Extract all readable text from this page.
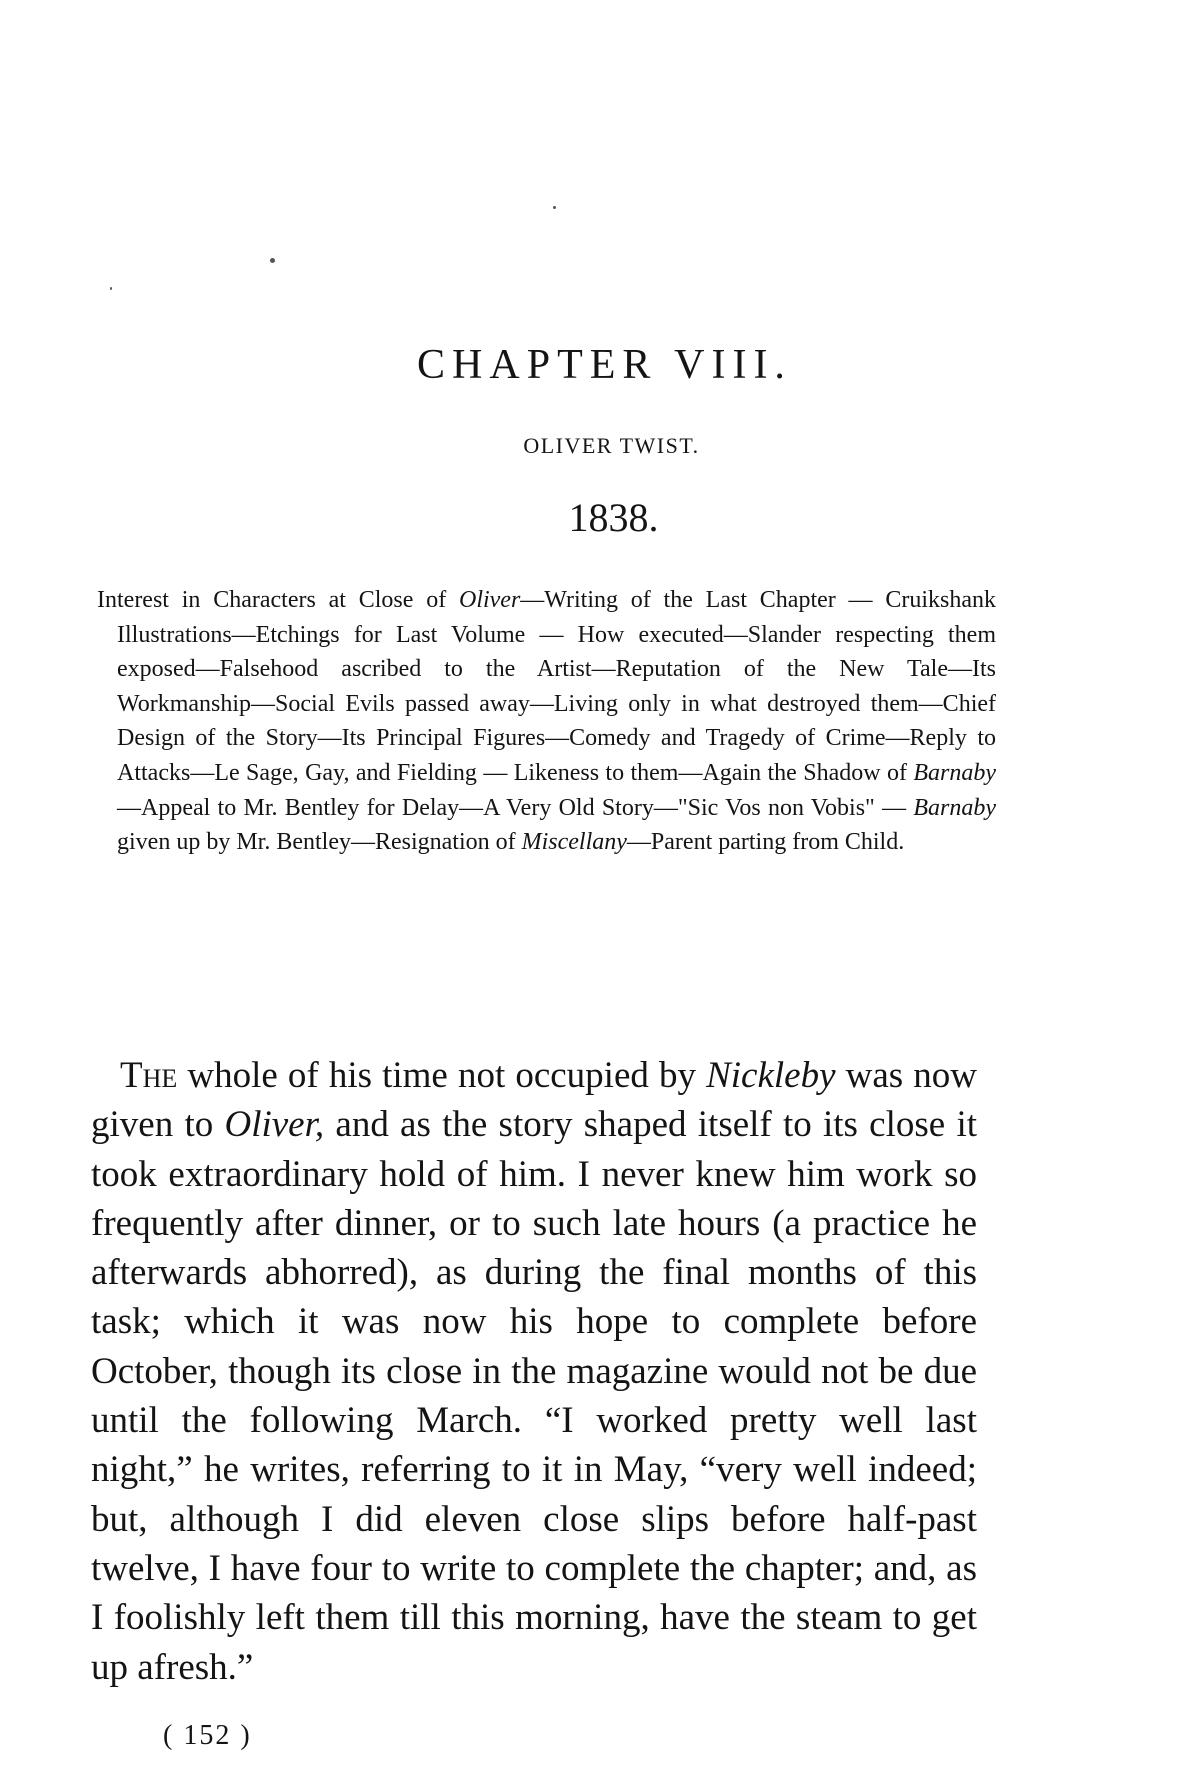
CHAPTER VIII.
OLIVER TWIST.
1838.
Interest in Characters at Close of Oliver—Writing of the Last Chapter — Cruikshank Illustrations—Etchings for Last Volume — How executed—Slander respecting them exposed—Falsehood ascribed to the Artist—Reputation of the New Tale—Its Workmanship—Social Evils passed away—Living only in what destroyed them—Chief Design of the Story—Its Principal Figures—Comedy and Tragedy of Crime—Reply to Attacks—Le Sage, Gay, and Fielding — Likeness to them—Again the Shadow of Barnaby—Appeal to Mr. Bentley for Delay—A Very Old Story—"Sic Vos non Vobis" — Barnaby given up by Mr. Bentley—Resignation of Miscellany—Parent parting from Child.
The whole of his time not occupied by Nickleby was now given to Oliver, and as the story shaped itself to its close it took extraordinary hold of him. I never knew him work so frequently after dinner, or to such late hours (a practice he afterwards abhorred), as during the final months of this task; which it was now his hope to complete before October, though its close in the magazine would not be due until the following March. “I worked pretty well last night,” he writes, referring to it in May, “very well indeed; but, although I did eleven close slips before half-past twelve, I have four to write to complete the chapter; and, as I foolishly left them till this morning, have the steam to get up afresh.”
( 152 )
